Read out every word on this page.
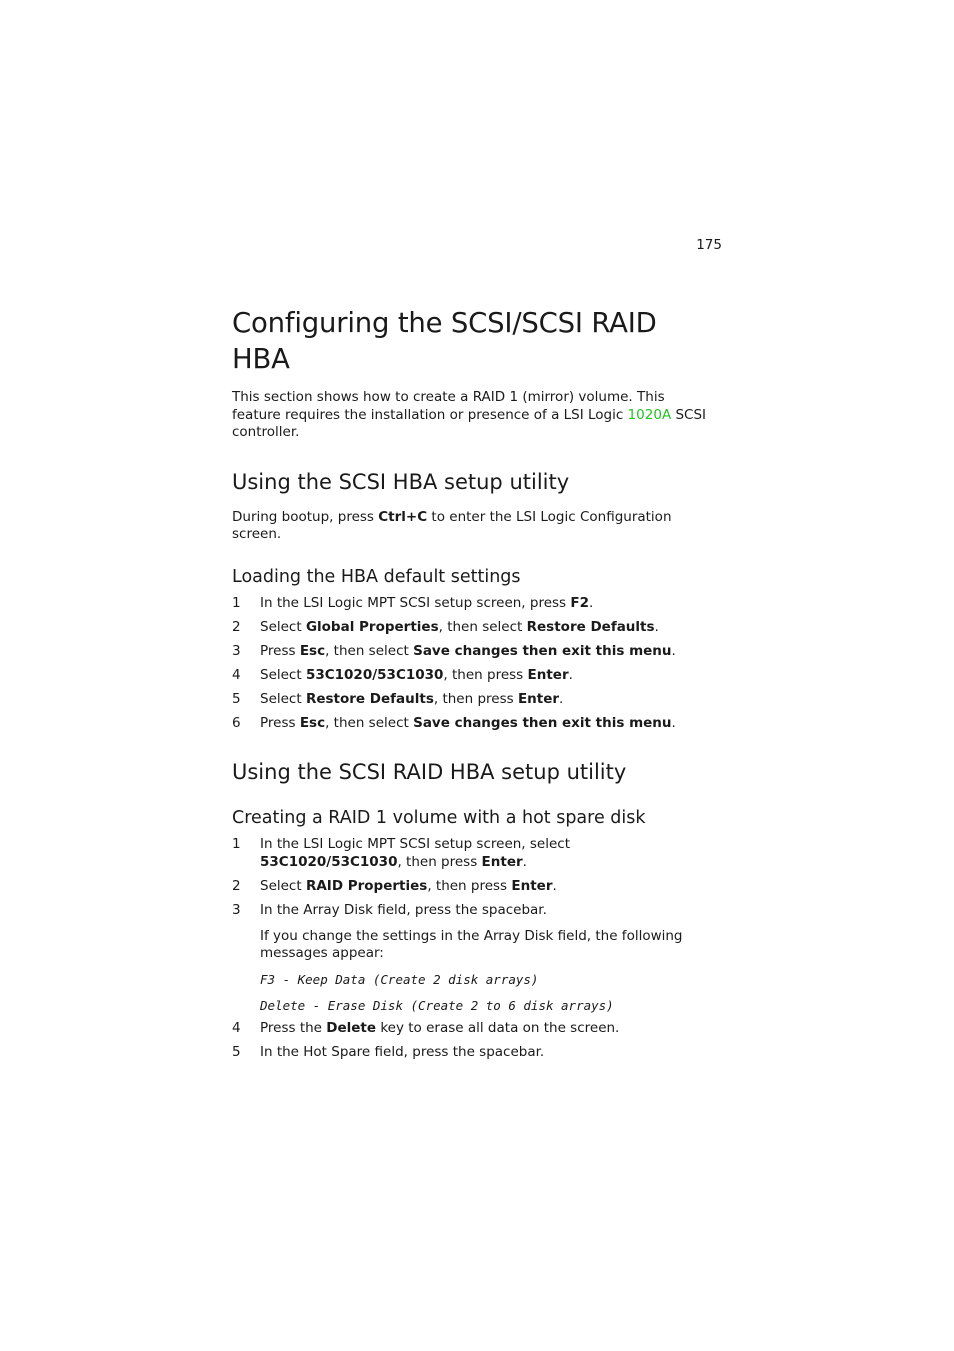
175
Configuring the SCSI/SCSI RAID HBA

This section shows how to create a RAID 1 (mirror) volume. This feature requires the installation or presence of a LSI Logic 1020A SCSI controller.

Using the SCSI HBA setup utility

During bootup, press Ctrl+C to enter the LSI Logic Configuration screen.

Loading the HBA default settings
1 In the LSI Logic MPT SCSI setup screen, press F2.
2 Select Global Properties, then select Restore Defaults.
3 Press Esc, then select Save changes then exit this menu.
4 Select 53C1020/53C1030, then press Enter.
5 Select Restore Defaults, then press Enter.
6 Press Esc, then select Save changes then exit this menu.
Using the SCSI RAID HBA setup utility
Creating a RAID 1 volume with a hot spare disk
1 In the LSI Logic MPT SCSI setup screen, select 53C1020/53C1030, then press Enter.
2 Select RAID Properties, then press Enter.
3 In the Array Disk field, press the spacebar.

If you change the settings in the Array Disk field, the following messages appear:

F3 - Keep Data (Create 2 disk arrays)
Delete - Erase Disk (Create 2 to 6 disk arrays)
4 Press the Delete key to erase all data on the screen.
5 In the Hot Spare field, press the spacebar.
